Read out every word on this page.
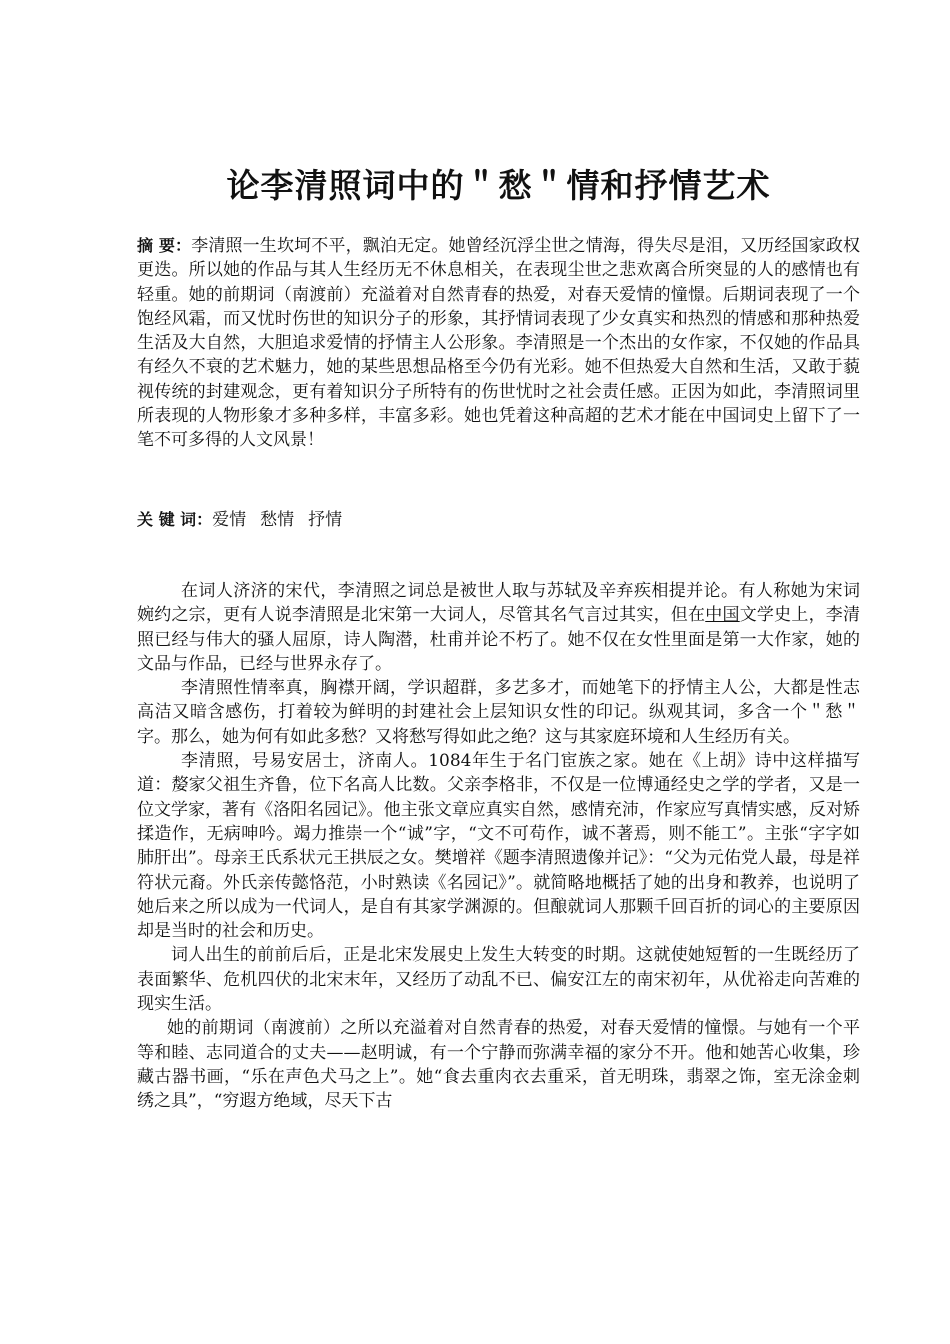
论李清照词中的＂愁＂情和抒情艺术
摘 要：李清照一生坎坷不平，飘泊无定。她曾经沉浮尘世之情海，得失尽是泪，又历经国家政权更迭。所以她的作品与其人生经历无不休息相关，在表现尘世之悲欢离合所突显的人的感情也有轻重。她的前期词（南渡前）充溢着对自然青春的热爱，对春天爱情的憧憬。后期词表现了一个饱经风霜，而又忧时伤世的知识分子的形象，其抒情词表现了少女真实和热烈的情感和那种热爱生活及大自然，大胆追求爱情的抒情主人公形象。李清照是一个杰出的女作家，不仅她的作品具有经久不衰的艺术魅力，她的某些思想品格至今仍有光彩。她不但热爱大自然和生活，又敢于藐视传统的封建观念，更有着知识分子所特有的伤世忧时之社会责任感。正因为如此，李清照词里所表现的人物形象才多种多样，丰富多彩。她也凭着这种高超的艺术才能在中国词史上留下了一笔不可多得的人文风景！
关 键 词：爱情 愁情 抒情

在词人济济的宋代，李清照之词总是被世人取与苏轼及辛弃疾相提并论。有人称她为宋词婉约之宗，更有人说李清照是北宋第一大词人，尽管其名气言过其实，但在中国文学史上，李清照已经与伟大的骚人屈原，诗人陶潜，杜甫并论不朽了。她不仅在女性里面是第一大作家，她的文品与作品，已经与世界永存了。

李清照性情率真，胸襟开阔，学识超群，多艺多才，而她笔下的抒情主人公，大都是性志高洁又暗含感伤，打着较为鲜明的封建社会上层知识女性的印记。纵观其词，多含一个＂愁＂字。那么，她为何有如此多愁？又将愁写得如此之绝？这与其家庭环境和人生经历有关。

李清照，号易安居士，济南人。1084年生于名门宦族之家。她在《上胡》诗中这样描写道：嫠家父祖生齐鲁，位下名高人比数。父亲李格非，不仅是一位博通经史之学的学者，又是一位文学家，著有《洛阳名园记》。他主张文章应真实自然，感情充沛，作家应写真情实感，反对矫揉造作，无病呻吟。竭力推崇一个“诚”字，“文不可苟作，诚不著焉，则不能工”。主张“字字如肺肝出”。母亲王氏系状元王拱辰之女。樊增祥《题李清照遗像并记》：“父为元佑党人最，母是祥符状元裔。外氏亲传懿恪范，小时熟读《名园记》”。就简略地概括了她的出身和教养，也说明了她后来之所以成为一代词人，是自有其家学渊源的。但酿就词人那颗千回百折的词心的主要原因却是当时的社会和历史。

词人出生的前前后后，正是北宋发展史上发生大转变的时期。这就使她短暂的一生既经历了表面繁华、危机四伏的北宋末年，又经历了动乱不已、偏安江左的南宋初年，从优裕走向苦难的现实生活。

她的前期词（南渡前）之所以充溢着对自然青春的热爱，对春天爱情的憧憬。与她有一个平等和睦、志同道合的丈夫——赵明诚，有一个宁静而弥满幸福的家分不开。他和她苦心收集，珍藏古器书画，“乐在声色犬马之上”。她“食去重肉衣去重采，首无明珠，翡翠之饰，室无涂金刺绣之具”，“穷遐方绝域，尽天下古
